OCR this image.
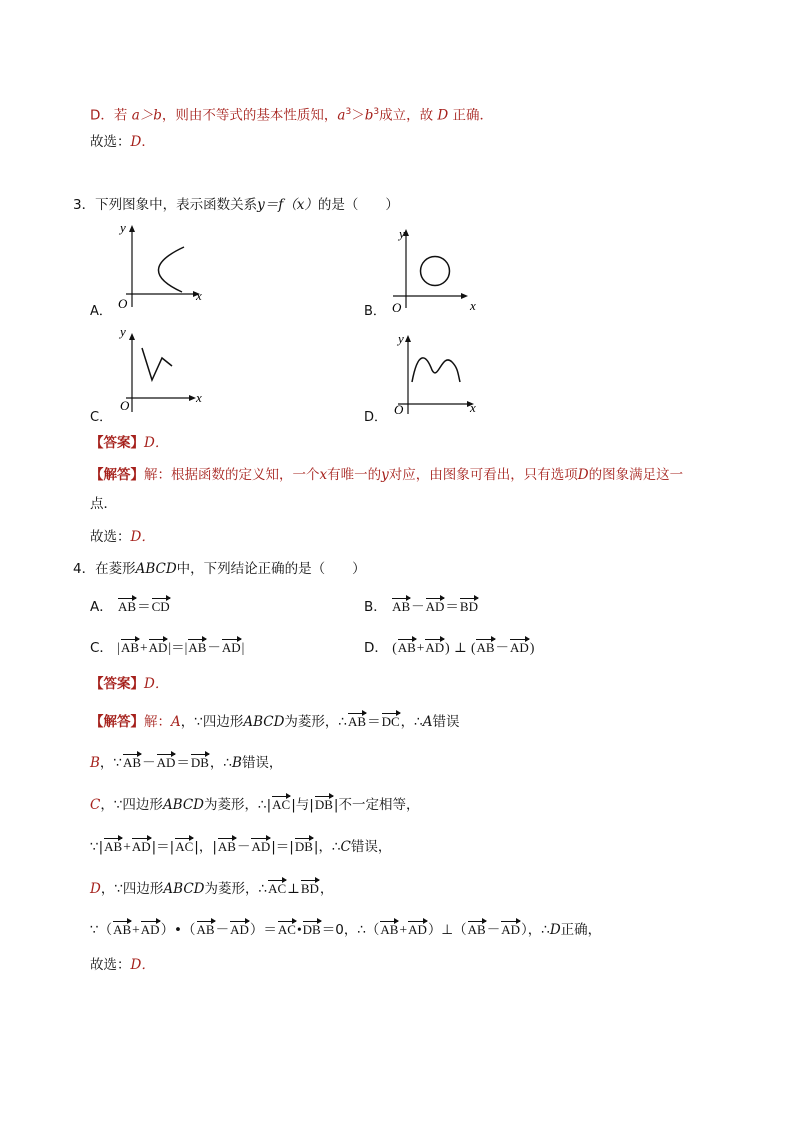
D．若 a＞b，则由不等式的基本性质知，$a^3>b^3$成立，故 D 正确．
故选：D．
3．下列图象中，表示函数关系y＝f（x）的是（　　）
A．
y
x
O
B．
y
x
O
C．
y
x
O
D．
y
x
O
【答案】D．
【解答】解：根据函数的定义知，一个x有唯一的y对应，由图象可看出，只有选项D的图象满足这一
点．
故选：D．
4．在菱形ABCD中，下列结论正确的是（　　）
A． AB＝CD	B． AB－AD＝BD
C． |AB+AD|＝|AB－AD|	D． (AB+AD) ⊥ (AB－AD)
【答案】D．
【解答】解：A，∵四边形ABCD为菱形，∴AB＝DC，∴A错误
B，∵AB－AD＝DB，∴B错误，
C，∵四边形ABCD为菱形，∴|AC|与|DB|不一定相等，
∵|AB+AD|＝|AC|，|AB－AD|＝|DB|，∴C错误，
D，∵四边形ABCD为菱形，∴AC⊥BD，
∵（AB+AD）•（AB－AD）＝AC•DB＝0，∴（AB+AD）⊥（AB－AD），∴D正确，
故选：D．
